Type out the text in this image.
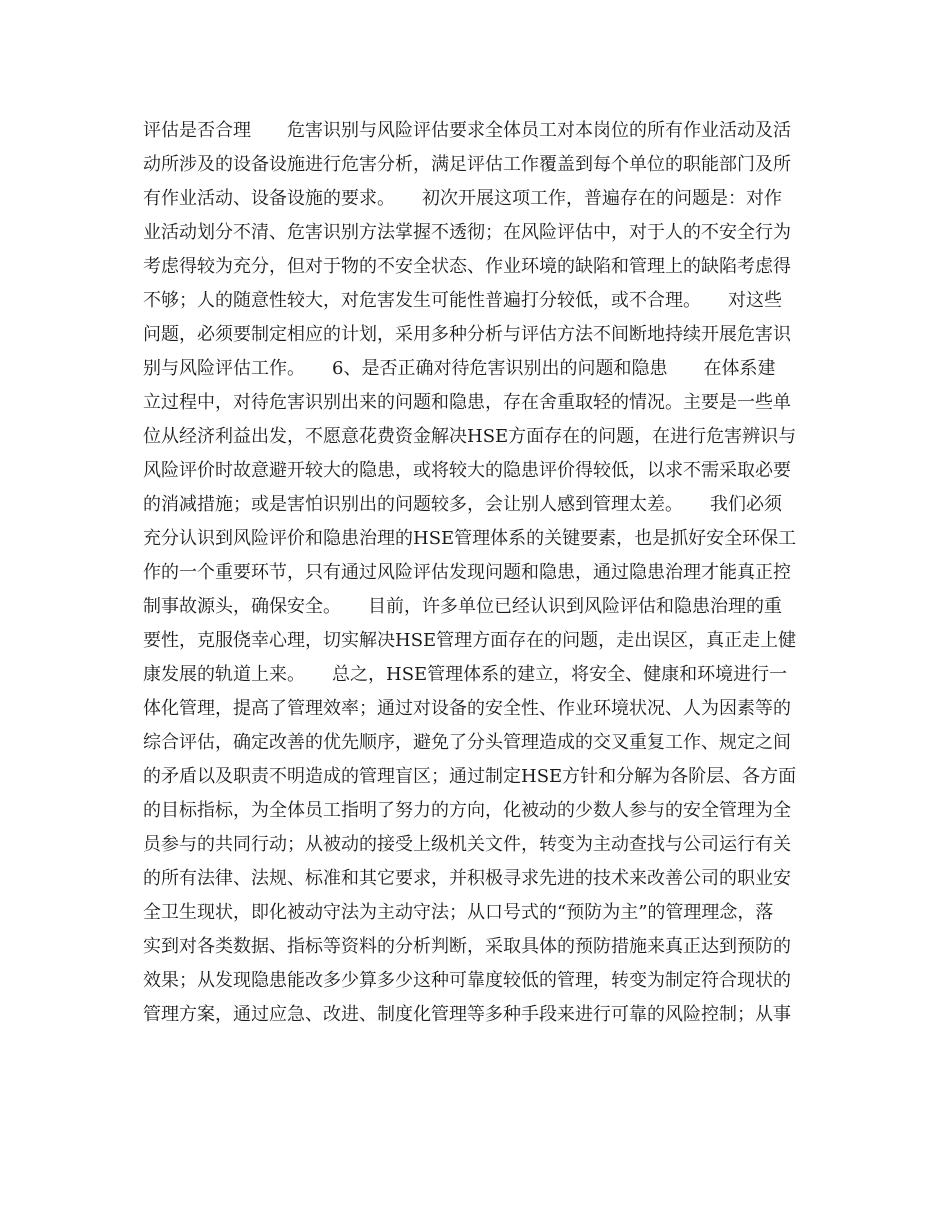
评估是否合理　　危害识别与风险评估要求全体员工对本岗位的所有作业活动及活
动所涉及的设备设施进行危害分析，满足评估工作覆盖到每个单位的职能部门及所
有作业活动、设备设施的要求。　　初次开展这项工作，普遍存在的问题是：对作
业活动划分不清、危害识别方法掌握不透彻；在风险评估中，对于人的不安全行为
考虑得较为充分，但对于物的不安全状态、作业环境的缺陷和管理上的缺陷考虑得
不够；人的随意性较大，对危害发生可能性普遍打分较低，或不合理。　　对这些
问题，必须要制定相应的计划，采用多种分析与评估方法不间断地持续开展危害识
别与风险评估工作。　　6、是否正确对待危害识别出的问题和隐患　　在体系建
立过程中，对待危害识别出来的问题和隐患，存在舍重取轻的情况。主要是一些单
位从经济利益出发，不愿意花费资金解决HSE方面存在的问题，在进行危害辨识与
风险评价时故意避开较大的隐患，或将较大的隐患评价得较低，以求不需采取必要
的消减措施；或是害怕识别出的问题较多，会让别人感到管理太差。　　我们必须
充分认识到风险评价和隐患治理的HSE管理体系的关键要素，也是抓好安全环保工
作的一个重要环节，只有通过风险评估发现问题和隐患，通过隐患治理才能真正控
制事故源头，确保安全。　　目前，许多单位已经认识到风险评估和隐患治理的重
要性，克服侥幸心理，切实解决HSE管理方面存在的问题，走出误区，真正走上健
康发展的轨道上来。　　总之，HSE管理体系的建立，将安全、健康和环境进行一
体化管理，提高了管理效率；通过对设备的安全性、作业环境状况、人为因素等的
综合评估，确定改善的优先顺序，避免了分头管理造成的交叉重复工作、规定之间
的矛盾以及职责不明造成的管理盲区；通过制定HSE方针和分解为各阶层、各方面
的目标指标，为全体员工指明了努力的方向，化被动的少数人参与的安全管理为全
员参与的共同行动；从被动的接受上级机关文件，转变为主动查找与公司运行有关
的所有法律、法规、标准和其它要求，并积极寻求先进的技术来改善公司的职业安
全卫生现状，即化被动守法为主动守法；从口号式的“预防为主”的管理理念，落
实到对各类数据、指标等资料的分析判断，采取具体的预防措施来真正达到预防的
效果；从发现隐患能改多少算多少这种可靠度较低的管理，转变为制定符合现状的
管理方案，通过应急、改进、制度化管理等多种手段来进行可靠的风险控制；从事
